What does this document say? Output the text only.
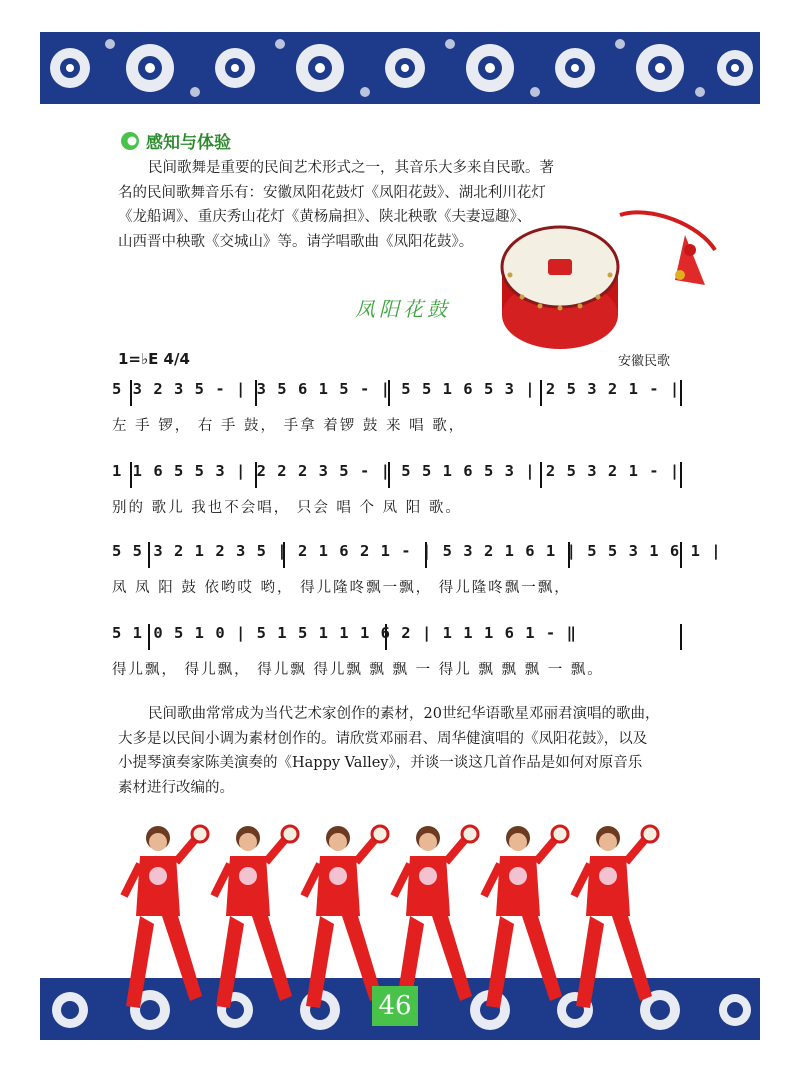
感知与体验
民间歌舞是重要的民间艺术形式之一，其音乐大多来自民歌。著
名的民间歌舞音乐有：安徽凤阳花鼓灯《凤阳花鼓》、湖北利川花灯
《龙船调》、重庆秀山花灯《黄杨扁担》、陕北秧歌《夫妻逗趣》、
山西晋中秧歌《交城山》等。请学唱歌曲《凤阳花鼓》。
凤阳花鼓
1=♭E 4/4	安徽民歌
5 3 2 3 5 - | 3 5 6 1 5 - | 5 5 1 6 5 3 | 2 5 3 2 1 - |
左 手 锣， 右 手 鼓， 手拿 着锣 鼓 来 唱 歌，
1 1 6 5 5 3 | 2 2 2 3 5 - | 5 5 1 6 5 3 | 2 5 3 2 1 - |
别的 歌儿 我也不会唱， 只会 唱 个 凤 阳 歌。
5 5 3 2 1 2 3 5 | 2 1 6 2 1 - | 5 3 2 1 6 1 | 5 5 3 1 6 1 |
凤 凤 阳 鼓 依哟哎 哟， 得儿隆咚飘一飘， 得儿隆咚飘一飘，
5 1 0 5 1 0 | 5 1 5 1 1 1 6 2 | 1 1 1 6 1 - ‖
得儿飘， 得儿飘， 得儿飘 得儿飘 飘 飘 一 得儿 飘 飘 飘 一 飘。
民间歌曲常常成为当代艺术家创作的素材，20世纪华语歌星邓丽君演唱的歌曲，
大多是以民间小调为素材创作的。请欣赏邓丽君、周华健演唱的《凤阳花鼓》，以及
小提琴演奏家陈美演奏的《Happy Valley》，并谈一谈这几首作品是如何对原音乐
素材进行改编的。
46
